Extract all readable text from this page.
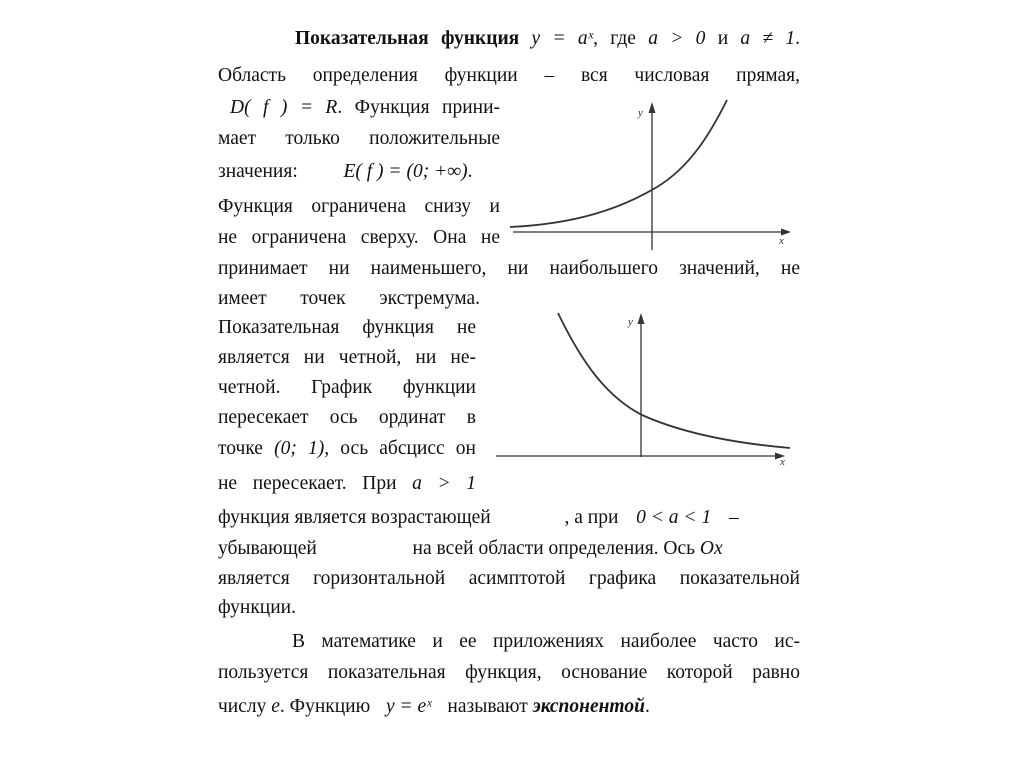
Показательная функция y = aˣ, где a > 0 и a ≠ 1.
Область определения функции – вся числовая прямая,
D( f ) = R. Функция прини-
мает только положительные
значения: E( f ) = (0; +∞).
Функция ограничена снизу и
не ограничена сверху. Она не
принимает ни наименьшего, ни наибольшего значений, не
имеет точек экстремума.
Показательная функция не
является ни четной, ни не-
четной. График функции
пересекает ось ординат в
точке (0; 1), ось абсцисс он
не пересекает. При a > 1
функция является возрастающей	, а при 0 < a < 1 –
убывающей	на всей области определения. Ось Ox
является горизонтальной асимптотой графика показательной
функции.
В математике и ее приложениях наиболее часто ис-
пользуется показательная функция, основание которой равно
числу e. Функцию y = eˣ называют экспонентой.
y
x
y
x
